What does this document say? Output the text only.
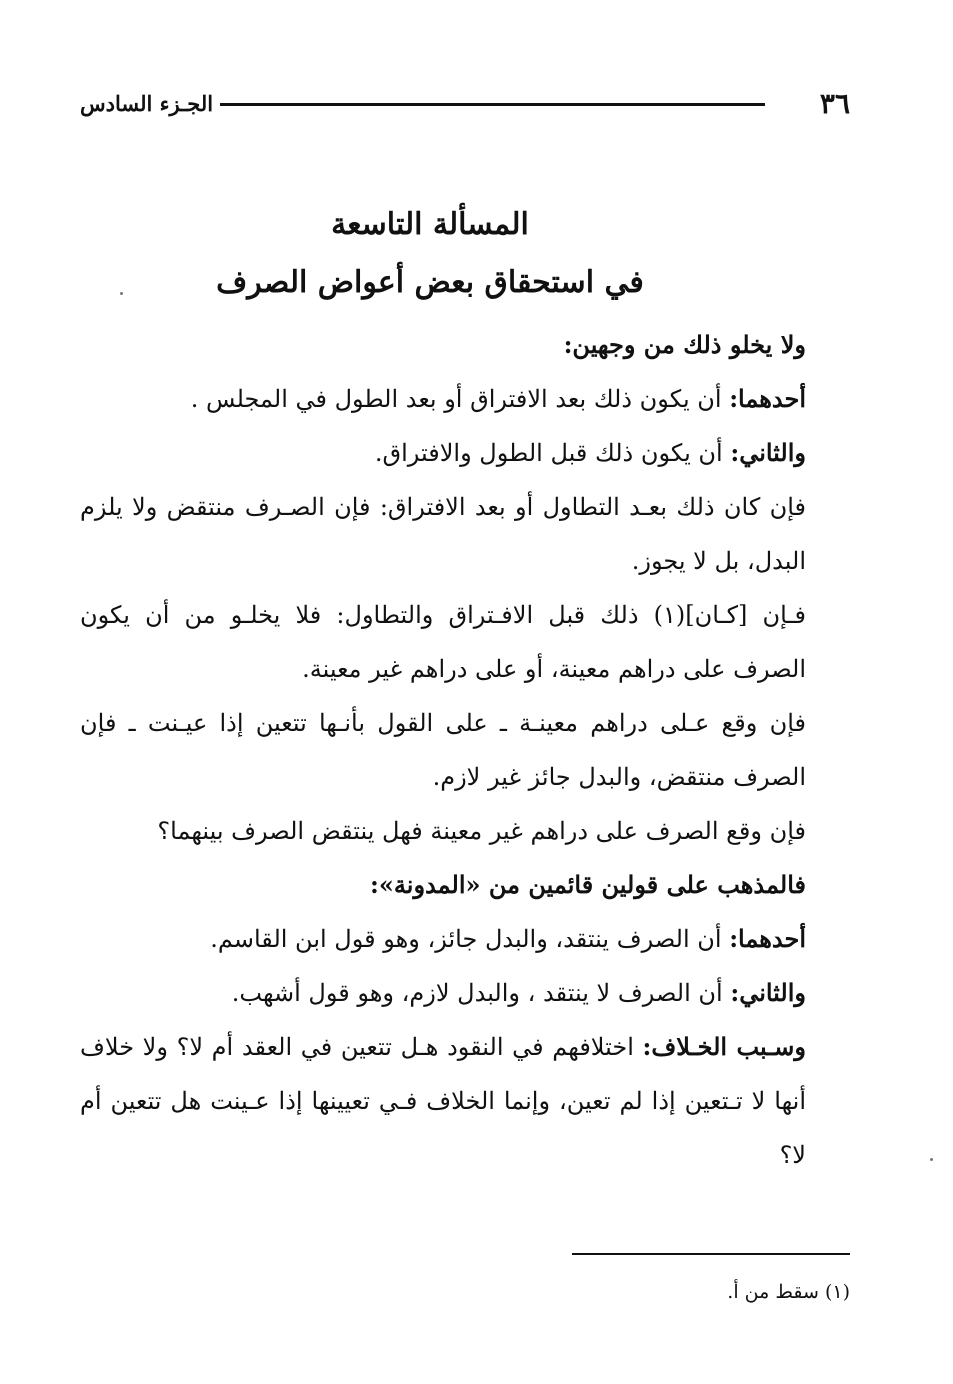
٣٦
الجـزء السادس

المسألة التاسعة

في استحقاق بعض أعواض الصرف

ولا يخلو ذلك من وجهين:

أحدهما: أن يكون ذلك بعد الافتراق أو بعد الطول في المجلس .

والثاني: أن يكون ذلك قبل الطول والافتراق.

فإن كان ذلك بعـد التطاول أو بعد الافتراق: فإن الصـرف منتقض ولا يلزم البدل، بل لا يجوز.

فـإن [كـان](١) ذلك قبل الافـتراق والتطاول: فلا يخلـو من أن يكون الصرف على دراهم معينة، أو على دراهم غير معينة.

فإن وقع عـلى دراهم معينـة ـ على القول بأنـها تتعين إذا عيـنت ـ فإن الصرف منتقض، والبدل جائز غير لازم.

فإن وقع الصرف على دراهم غير معينة فهل ينتقض الصرف بينهما؟

فالمذهب على قولين قائمين من «المدونة»:

أحدهما: أن الصرف ينتقد، والبدل جائز، وهو قول ابن القاسم.

والثاني: أن الصرف لا ينتقد ، والبدل لازم، وهو قول أشهب.

وسـبب الخـلاف: اختلافهم في النقود هـل تتعين في العقد أم لا؟ ولا خلاف أنها لا تـتعين إذا لم تعين، وإنما الخلاف فـي تعيينها إذا عـينت هل تتعين أم لا؟

(١) سقط من أ.
